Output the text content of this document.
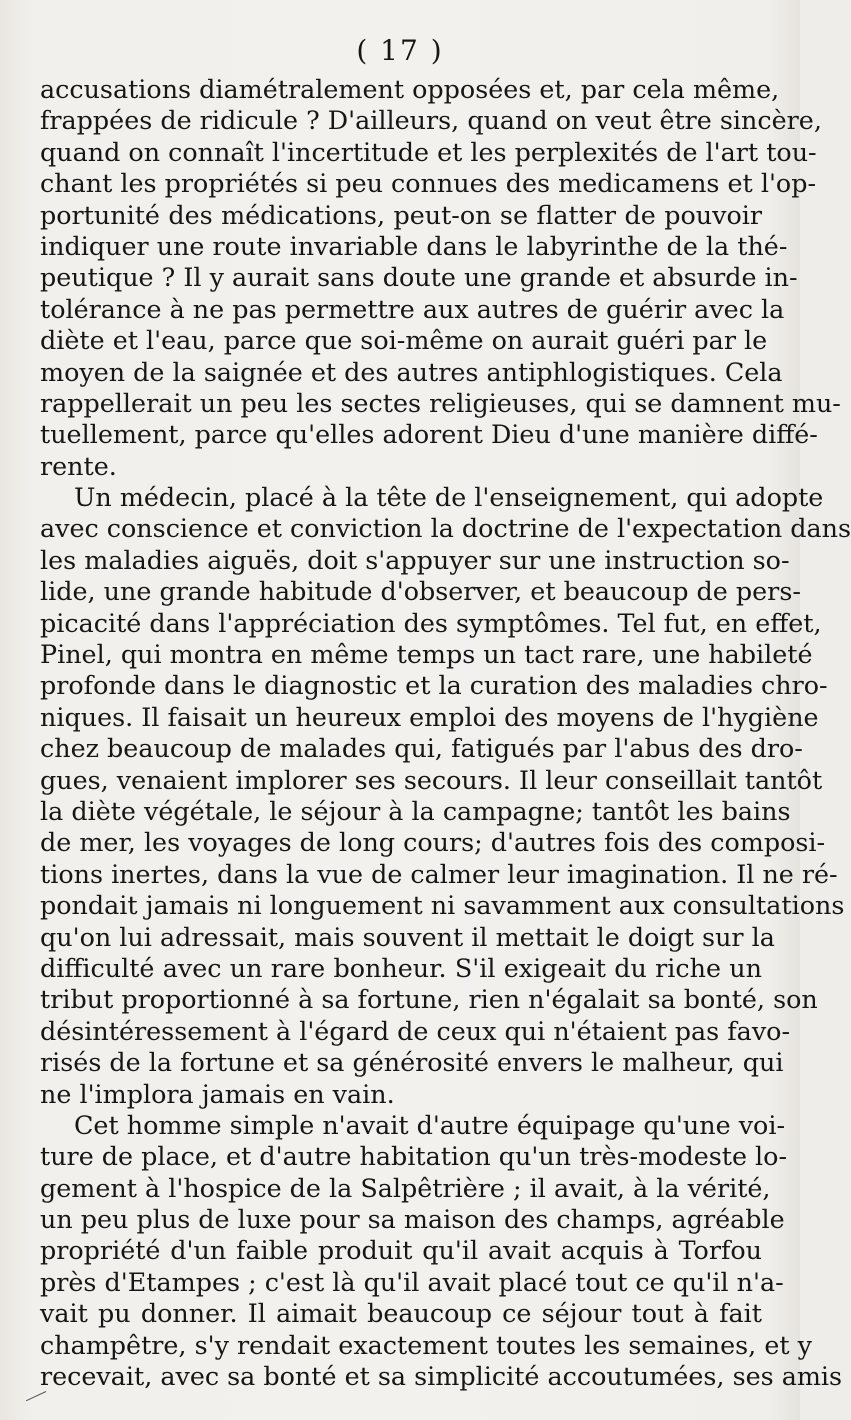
( 17 )
accusations diamétralement opposées et, par cela même,
frappées de ridicule ? D'ailleurs, quand on veut être sincère,
quand on connaît l'incertitude et les perplexités de l'art tou-
chant les propriétés si peu connues des medicamens et l'op-
portunité des médications, peut-on se flatter de pouvoir
indiquer une route invariable dans le labyrinthe de la thé-
peutique ? Il y aurait sans doute une grande et absurde in-
tolérance à ne pas permettre aux autres de guérir avec la
diète et l'eau, parce que soi-même on aurait guéri par le
moyen de la saignée et des autres antiphlogistiques. Cela
rappellerait un peu les sectes religieuses, qui se damnent mu-
tuellement, parce qu'elles adorent Dieu d'une manière diffé-
rente.
Un médecin, placé à la tête de l'enseignement, qui adopte
avec conscience et conviction la doctrine de l'expectation dans
les maladies aiguës, doit s'appuyer sur une instruction so-
lide, une grande habitude d'observer, et beaucoup de pers-
picacité dans l'appréciation des symptômes. Tel fut, en effet,
Pinel, qui montra en même temps un tact rare, une habileté
profonde dans le diagnostic et la curation des maladies chro-
niques. Il faisait un heureux emploi des moyens de l'hygiène
chez beaucoup de malades qui, fatigués par l'abus des dro-
gues, venaient implorer ses secours. Il leur conseillait tantôt
la diète végétale, le séjour à la campagne; tantôt les bains
de mer, les voyages de long cours; d'autres fois des composi-
tions inertes, dans la vue de calmer leur imagination. Il ne ré-
pondait jamais ni longuement ni savamment aux consultations
qu'on lui adressait, mais souvent il mettait le doigt sur la
difficulté avec un rare bonheur. S'il exigeait du riche un
tribut proportionné à sa fortune, rien n'égalait sa bonté, son
désintéressement à l'égard de ceux qui n'étaient pas favo-
risés de la fortune et sa générosité envers le malheur, qui
ne l'implora jamais en vain.
Cet homme simple n'avait d'autre équipage qu'une voi-
ture de place, et d'autre habitation qu'un très-modeste lo-
gement à l'hospice de la Salpêtrière ; il avait, à la vérité,
un peu plus de luxe pour sa maison des champs, agréable
propriété d'un faible produit qu'il avait acquis à Torfou
près d'Etampes ; c'est là qu'il avait placé tout ce qu'il n'a-
vait pu donner. Il aimait beaucoup ce séjour tout à fait
champêtre, s'y rendait exactement toutes les semaines, et y
recevait, avec sa bonté et sa simplicité accoutumées, ses amis
